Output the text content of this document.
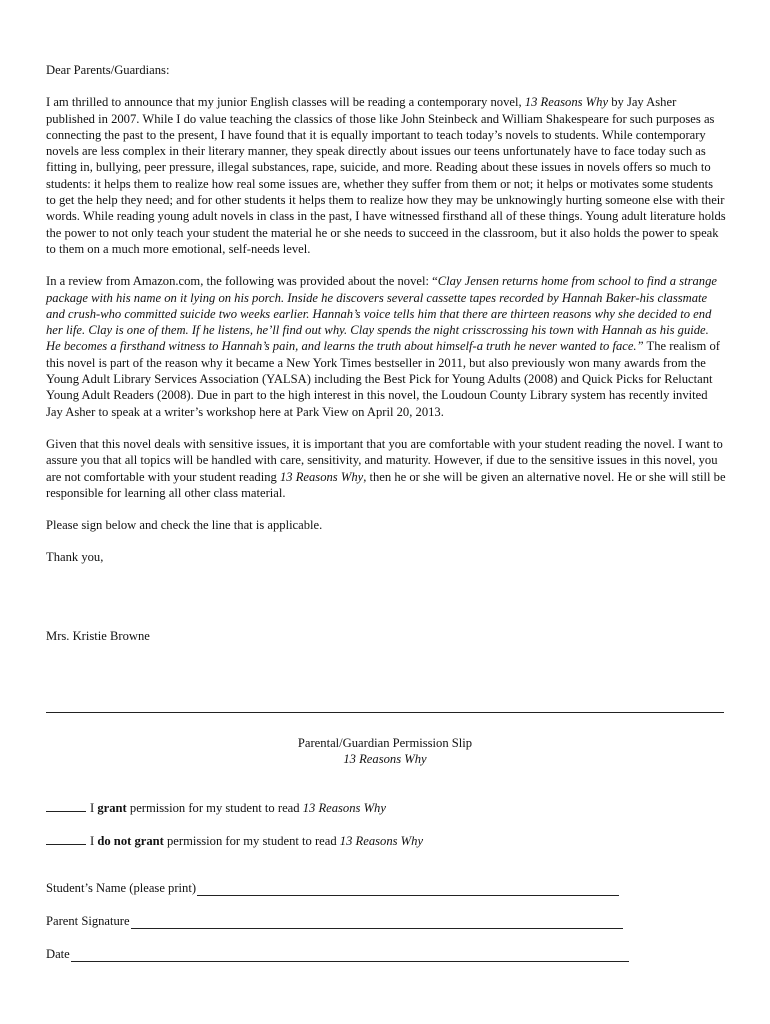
Dear Parents/Guardians:

I am thrilled to announce that my junior English classes will be reading a contemporary novel, 13 Reasons Why by Jay Asher published in 2007. While I do value teaching the classics of those like John Steinbeck and William Shakespeare for such purposes as connecting the past to the present, I have found that it is equally important to teach today’s novels to students. While contemporary novels are less complex in their literary manner, they speak directly about issues our teens unfortunately have to face today such as fitting in, bullying, peer pressure, illegal substances, rape, suicide, and more. Reading about these issues in novels offers so much to students: it helps them to realize how real some issues are, whether they suffer from them or not; it helps or motivates some students to get the help they need; and for other students it helps them to realize how they may be unknowingly hurting someone else with their words. While reading young adult novels in class in the past, I have witnessed firsthand all of these things. Young adult literature holds the power to not only teach your student the material he or she needs to succeed in the classroom, but it also holds the power to speak to them on a much more emotional, self-needs level.

In a review from Amazon.com, the following was provided about the novel: “Clay Jensen returns home from school to find a strange package with his name on it lying on his porch. Inside he discovers several cassette tapes recorded by Hannah Baker-his classmate and crush-who committed suicide two weeks earlier. Hannah’s voice tells him that there are thirteen reasons why she decided to end her life. Clay is one of them. If he listens, he’ll find out why. Clay spends the night crisscrossing his town with Hannah as his guide. He becomes a firsthand witness to Hannah’s pain, and learns the truth about himself-a truth he never wanted to face.” The realism of this novel is part of the reason why it became a New York Times bestseller in 2011, but also previously won many awards from the Young Adult Library Services Association (YALSA) including the Best Pick for Young Adults (2008) and Quick Picks for Reluctant Young Adult Readers (2008). Due in part to the high interest in this novel, the Loudoun County Library system has recently invited Jay Asher to speak at a writer’s workshop here at Park View on April 20, 2013.

Given that this novel deals with sensitive issues, it is important that you are comfortable with your student reading the novel. I want to assure you that all topics will be handled with care, sensitivity, and maturity. However, if due to the sensitive issues in this novel, you are not comfortable with your student reading 13 Reasons Why, then he or she will be given an alternative novel. He or she will still be responsible for learning all other class material.

Please sign below and check the line that is applicable.

Thank you,

Mrs. Kristie Browne

Parental/Guardian Permission Slip
13 Reasons Why
I grant permission for my student to read 13 Reasons Why
I do not grant permission for my student to read 13 Reasons Why
Student’s Name (please print)
Parent Signature
Date
